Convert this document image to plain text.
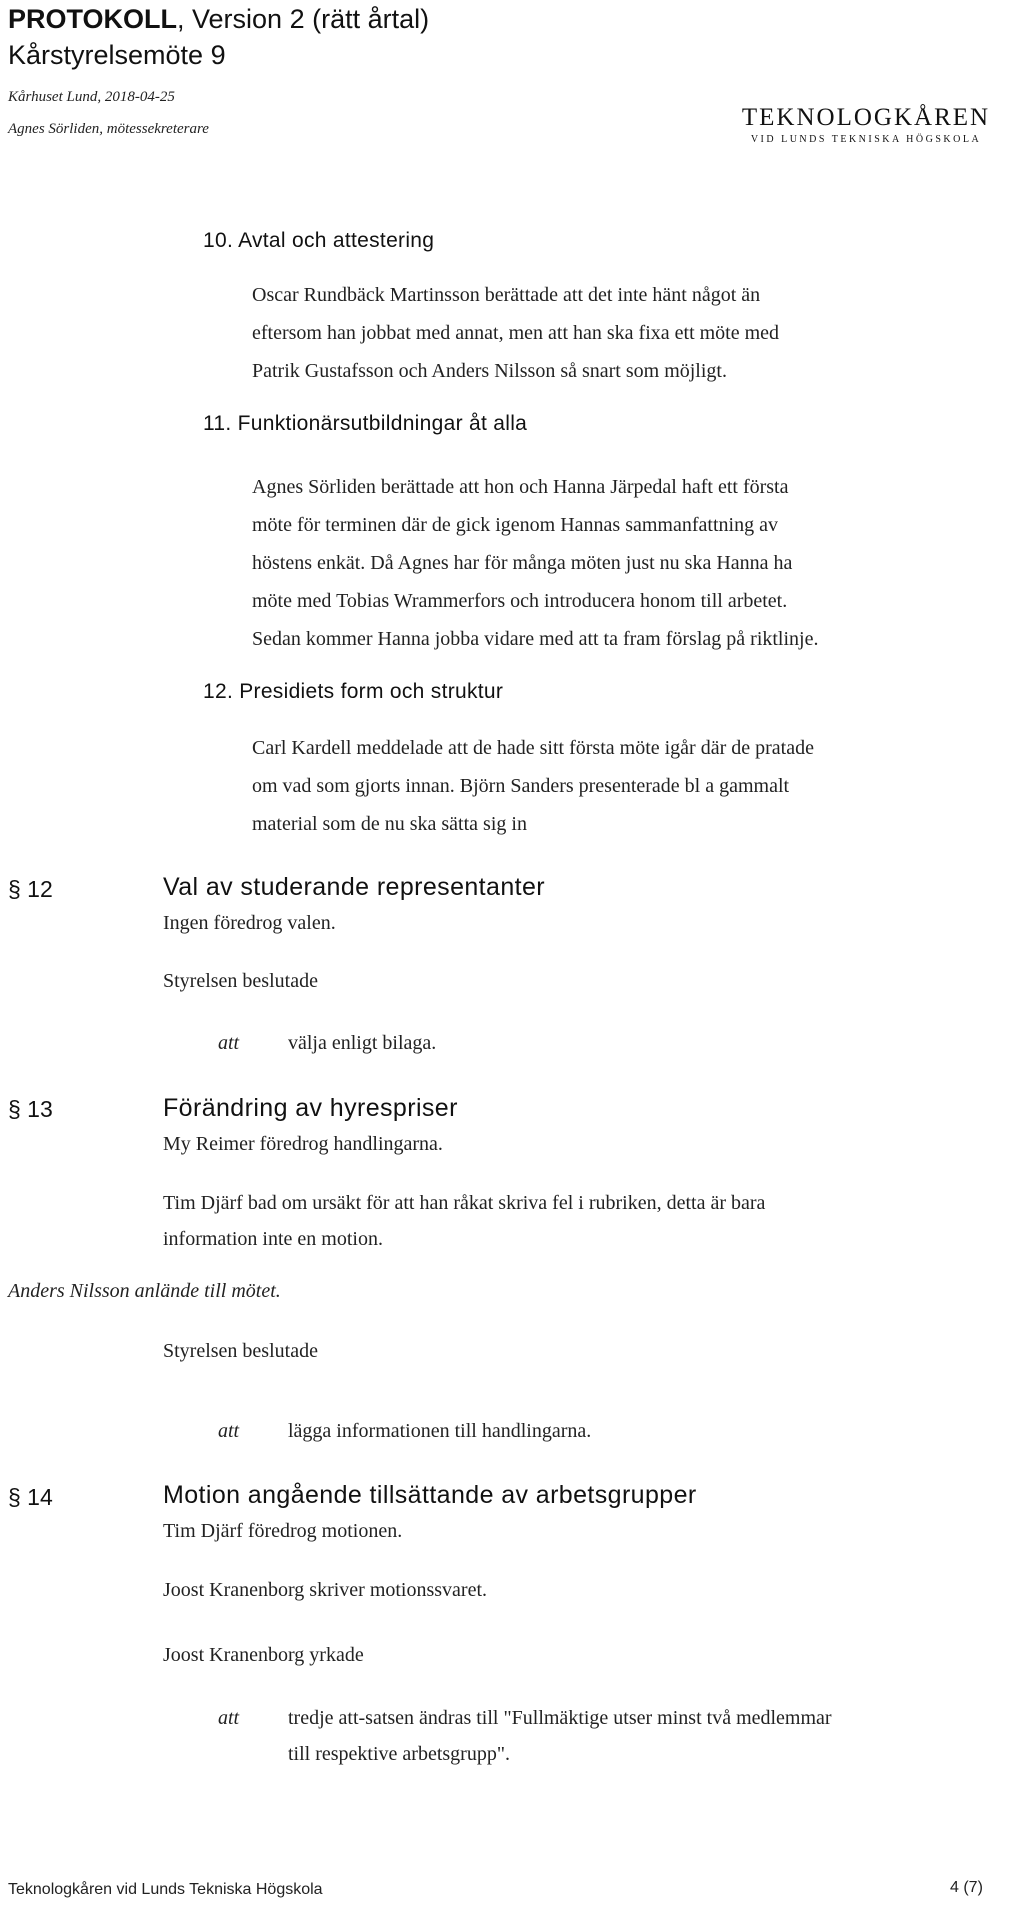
PROTOKOLL, Version 2 (rätt årtal)
Kårstyrelsemöte 9
Kårhuset Lund, 2018-04-25
Agnes Sörliden, mötessekreterare	TEKNOLOGKÅREN
VID LUNDS TEKNISKA HÖGSKOLA
10. Avtal och attestering

Oscar Rundbäck Martinsson berättade att det inte hänt något än

eftersom han jobbat med annat, men att han ska fixa ett möte med

Patrik Gustafsson och Anders Nilsson så snart som möjligt.

11. Funktionärsutbildningar åt alla

Agnes Sörliden berättade att hon och Hanna Järpedal haft ett första

möte för terminen där de gick igenom Hannas sammanfattning av

höstens enkät. Då Agnes har för många möten just nu ska Hanna ha

möte med Tobias Wrammerfors och introducera honom till arbetet.

Sedan kommer Hanna jobba vidare med att ta fram förslag på riktlinje.

12. Presidiets form och struktur

Carl Kardell meddelade att de hade sitt första möte igår där de pratade

om vad som gjorts innan. Björn Sanders presenterade bl a gammalt

material som de nu ska sätta sig in

§ 12	Val av studerande representanter
Ingen föredrog valen.
Styrelsen beslutade
att välja enligt bilaga.
§ 13	Förändring av hyrespriser
My Reimer föredrog handlingarna.
Tim Djärf bad om ursäkt för att han råkat skriva fel i rubriken, detta är bara
information inte en motion.
Anders Nilsson anlände till mötet.
Styrelsen beslutade
att lägga informationen till handlingarna.
§ 14	Motion angående tillsättande av arbetsgrupper
Tim Djärf föredrog motionen.
Joost Kranenborg skriver motionssvaret.
Joost Kranenborg yrkade
att tredje att-satsen ändras till "Fullmäktige utser minst två medlemmar
till respektive arbetsgrupp".
Teknologkåren vid Lunds Tekniska Högskola	4 (7)
